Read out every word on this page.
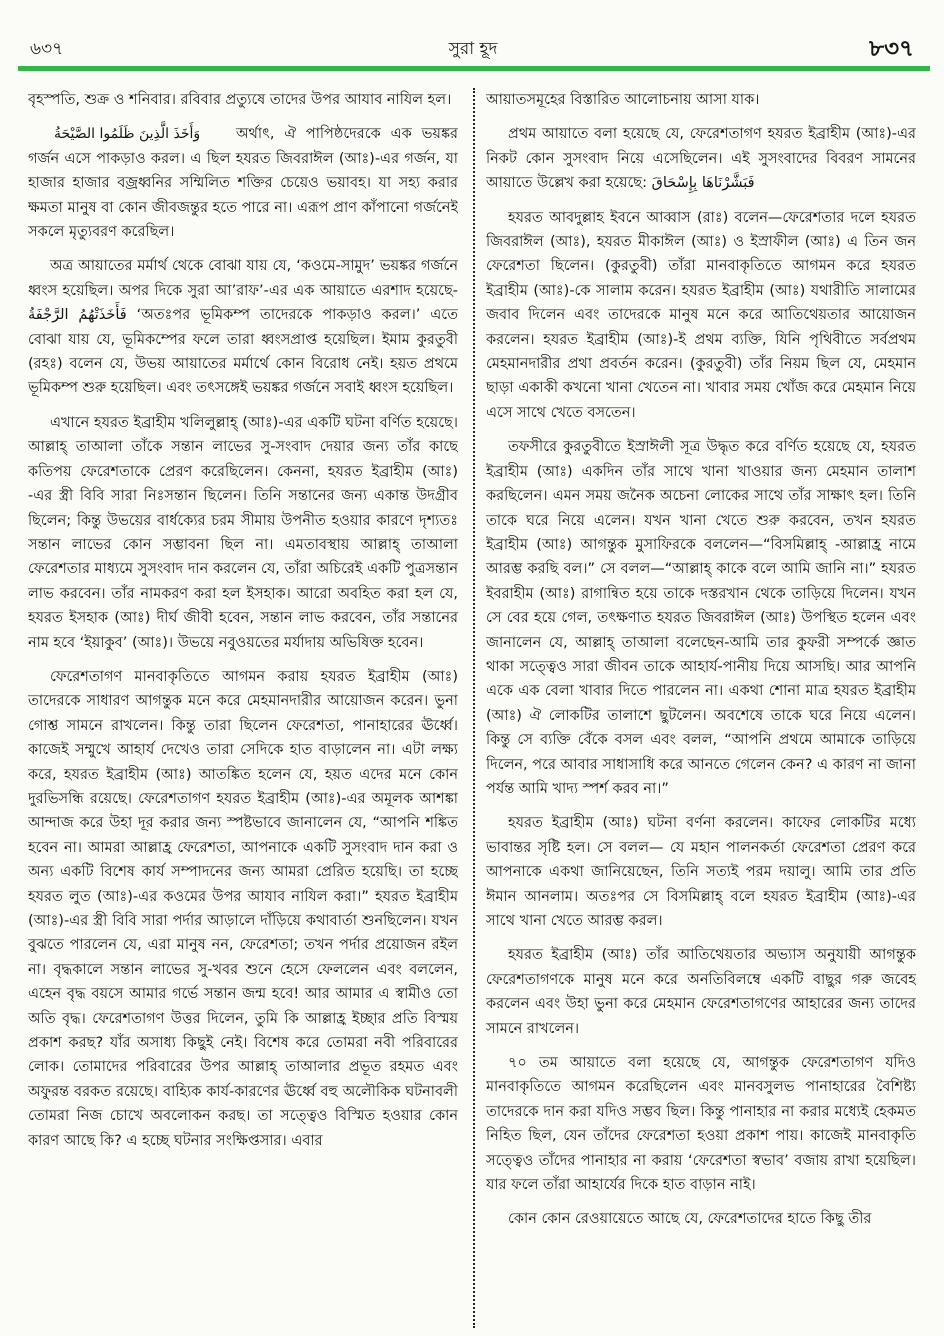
৬৩৭	সুরা হূদ	৮৩৭

বৃহস্পতি, শুক্র ও শনিবার। রবিবার প্রত্যুষে তাদের উপর আযাব নাযিল হল।

وَأَخَذَ الَّذِينَ ظَلَمُوا الصَّيْحَةُ অর্থাৎ, ঐ পাপিষ্ঠদেরকে এক ভয়ঙ্কর গর্জন এসে পাকড়াও করল। এ ছিল হযরত জিবরাঈল (আঃ)-এর গর্জন, যা হাজার হাজার বজ্রধ্বনির সম্মিলিত শক্তির চেয়েও ভয়াবহ। যা সহ্য করার ক্ষমতা মানুষ বা কোন জীবজন্তুর হতে পারে না। এরূপ প্রাণ কাঁপানো গর্জনেই সকলে মৃত্যুবরণ করেছিল।

অত্র আয়াতের মর্মার্থ থেকে বোঝা যায় যে, ‘কওমে-সামুদ’ ভয়ঙ্কর গর্জনে ধ্বংস হয়েছিল। অপর দিকে সুরা আ’রাফ’-এর এক আয়াতে এরশাদ হয়েছে- فَأَخَذَتْهُمُ الرَّجْفَةُ ‘অতঃপর ভূমিকম্প তাদেরকে পাকড়াও করল।’ এতে বোঝা যায় যে, ভূমিকম্পের ফলে তারা ধ্বংসপ্রাপ্ত হয়েছিল। ইমাম কুরতুবী (রহঃ) বলেন যে, উভয় আয়াতের মর্মার্থে কোন বিরোধ নেই। হয়ত প্রথমে ভূমিকম্প শুরু হয়েছিল। এবং তৎসঙ্গেই ভয়ঙ্কর গর্জনে সবাই ধ্বংস হয়েছিল।

এখানে হযরত ইব্রাহীম খলিলুল্লাহ্ (আঃ)-এর একটি ঘটনা বর্ণিত হয়েছে। আল্লাহ্ তাআলা তাঁকে সন্তান লাভের সু-সংবাদ দেয়ার জন্য তাঁর কাছে কতিপয় ফেরেশতাকে প্রেরণ করেছিলেন। কেননা, হযরত ইব্রাহীম (আঃ) -এর স্ত্রী বিবি সারা নিঃসন্তান ছিলেন। তিনি সন্তানের জন্য একান্ত উদগ্রীব ছিলেন; কিন্তু উভয়ের বার্ধক্যের চরম সীমায় উপনীত হওয়ার কারণে দৃশ্যতঃ সন্তান লাভের কোন সম্ভাবনা ছিল না। এমতাবস্থায় আল্লাহ্ তাআলা ফেরেশতার মাধ্যমে সুসংবাদ দান করলেন যে, তাঁরা অচিরেই একটি পুত্রসন্তান লাভ করবেন। তাঁর নামকরণ করা হল ইসহাক। আরো অবহিত করা হল যে, হযরত ইসহাক (আঃ) দীর্ঘ জীবী হবেন, সন্তান লাভ করবেন, তাঁর সন্তানের নাম হবে ‘ইয়াকুব’ (আঃ)। উভয়ে নবুওয়তের মর্যাদায় অভিষিক্ত হবেন।

ফেরেশতাগণ মানবাকৃতিতে আগমন করায় হযরত ইব্রাহীম (আঃ) তাদেরকে সাধারণ আগন্তুক মনে করে মেহমানদারীর আয়োজন করেন। ভুনা গোশ্ত সামনে রাখলেন। কিন্তু তারা ছিলেন ফেরেশতা, পানাহারের ঊর্ধ্বে। কাজেই সম্মুখে আহার্য দেখেও তারা সেদিকে হাত বাড়ালেন না। এটা লক্ষ্য করে, হযরত ইব্রাহীম (আঃ) আতঙ্কিত হলেন যে, হয়ত এদের মনে কোন দুরভিসন্ধি রয়েছে। ফেরেশতাগণ হযরত ইব্রাহীম (আঃ)-এর অমূলক আশঙ্কা আন্দাজ করে উহা দূর করার জন্য স্পষ্টভাবে জানালেন যে, “আপনি শঙ্কিত হবেন না। আমরা আল্লাহ্র ফেরেশতা, আপনাকে একটি সুসংবাদ দান করা ও অন্য একটি বিশেষ কার্য সম্পাদনের জন্য আমরা প্রেরিত হয়েছি। তা হচ্ছে হযরত লুত (আঃ)-এর কওমের উপর আযাব নাযিল করা।” হযরত ইব্রাহীম (আঃ)-এর স্ত্রী বিবি সারা পর্দার আড়ালে দাঁড়িয়ে কথাবার্তা শুনছিলেন। যখন বুঝতে পারলেন যে, এরা মানুষ নন, ফেরেশতা; তখন পর্দার প্রয়োজন রইল না। বৃদ্ধকালে সন্তান লাভের সু-খবর শুনে হেসে ফেললেন এবং বললেন, এহেন বৃদ্ধ বয়সে আমার গর্ভে সন্তান জন্ম হবে! আর আমার এ স্বামীও তো অতি বৃদ্ধ। ফেরেশতাগণ উত্তর দিলেন, তুমি কি আল্লাহ্র ইচ্ছার প্রতি বিস্ময় প্রকাশ করছ? যাঁর অসাধ্য কিছুই নেই। বিশেষ করে তোমরা নবী পরিবারের লোক। তোমাদের পরিবারের উপর আল্লাহ্ তাআলার প্রভূত রহমত এবং অফুরন্ত বরকত রয়েছে। বাহ্যিক কার্য-কারণের ঊর্ধ্বে বহু অলৌকিক ঘটনাবলী তোমরা নিজ চোখে অবলোকন করছ। তা সত্ত্বেও বিস্মিত হওয়ার কোন কারণ আছে কি? এ হচ্ছে ঘটনার সংক্ষিপ্তসার। এবার

আয়াতসমূহের বিস্তারিত আলোচনায় আসা যাক।

প্রথম আয়াতে বলা হয়েছে যে, ফেরেশতাগণ হযরত ইব্রাহীম (আঃ)-এর নিকট কোন সুসংবাদ নিয়ে এসেছিলেন। এই সুসংবাদের বিবরণ সামনের আয়াতে উল্লেখ করা হয়েছে: فَبَشَّرْنَاهَا بِإِسْحَاقَ

হযরত আবদুল্লাহ ইবনে আব্বাস (রাঃ) বলেন—ফেরেশতার দলে হযরত জিবরাঈল (আঃ), হযরত মীকাঈল (আঃ) ও ইস্রাফীল (আঃ) এ তিন জন ফেরেশতা ছিলেন। (কুরতুবী) তাঁরা মানবাকৃতিতে আগমন করে হযরত ইব্রাহীম (আঃ)-কে সালাম করেন। হযরত ইব্রাহীম (আঃ) যথারীতি সালামের জবাব দিলেন এবং তাদেরকে মানুষ মনে করে আতিথেয়তার আয়োজন করলেন। হযরত ইব্রাহীম (আঃ)-ই প্রথম ব্যক্তি, যিনি পৃথিবীতে সর্বপ্রথম মেহমানদারীর প্রথা প্রবর্তন করেন। (কুরতুবী) তাঁর নিয়ম ছিল যে, মেহমান ছাড়া একাকী কখনো খানা খেতেন না। খাবার সময় খোঁজ করে মেহমান নিয়ে এসে সাথে খেতে বসতেন।

তফসীরে কুরতুবীতে ইস্রাঈলী সূত্র উদ্ধৃত করে বর্ণিত হয়েছে যে, হযরত ইব্রাহীম (আঃ) একদিন তাঁর সাথে খানা খাওয়ার জন্য মেহমান তালাশ করছিলেন। এমন সময় জনৈক অচেনা লোকের সাথে তাঁর সাক্ষাৎ হল। তিনি তাকে ঘরে নিয়ে এলেন। যখন খানা খেতে শুরু করবেন, তখন হযরত ইব্রাহীম (আঃ) আগন্তুক মুসাফিরকে বললেন—“বিসমিল্লাহ্ -আল্লাহ্র নামে আরম্ভ করছি বল।” সে বলল—“আল্লাহ্ কাকে বলে আমি জানি না।” হযরত ইবরাহীম (আঃ) রাগান্বিত হয়ে তাকে দস্তরখান থেকে তাড়িয়ে দিলেন। যখন সে বের হয়ে গেল, তৎক্ষণাত হযরত জিবরাঈল (আঃ) উপস্থিত হলেন এবং জানালেন যে, আল্লাহ্ তাআলা বলেছেন-আমি তার কুফরী সম্পর্কে জ্ঞাত থাকা সত্ত্বেও সারা জীবন তাকে আহার্য-পানীয় দিয়ে আসছি। আর আপনি একে এক বেলা খাবার দিতে পারলেন না। একথা শোনা মাত্র হযরত ইব্রাহীম (আঃ) ঐ লোকটির তালাশে ছুটলেন। অবশেষে তাকে ঘরে নিয়ে এলেন। কিন্তু সে ব্যক্তি বেঁকে বসল এবং বলল, “আপনি প্রথমে আমাকে তাড়িয়ে দিলেন, পরে আবার সাধাসাধি করে আনতে গেলেন কেন? এ কারণ না জানা পর্যন্ত আমি খাদ্য স্পর্শ করব না।”

হযরত ইব্রাহীম (আঃ) ঘটনা বর্ণনা করলেন। কাফের লোকটির মধ্যে ভাবান্তর সৃষ্টি হল। সে বলল— যে মহান পালনকর্তা ফেরেশতা প্রেরণ করে আপনাকে একথা জানিয়েছেন, তিনি সত্যই পরম দয়ালু। আমি তার প্রতি ঈমান আনলাম। অতঃপর সে বিসমিল্লাহ্ বলে হযরত ইব্রাহীম (আঃ)-এর সাথে খানা খেতে আরম্ভ করল।

হযরত ইব্রাহীম (আঃ) তাঁর আতিথেয়তার অভ্যাস অনুযায়ী আগন্তুক ফেরেশতাগণকে মানুষ মনে করে অনতিবিলম্বে একটি বাছুর গরু জবেহ করলেন এবং উহা ভুনা করে মেহমান ফেরেশতাগণের আহারের জন্য তাদের সামনে রাখলেন।

৭০ তম আয়াতে বলা হয়েছে যে, আগন্তুক ফেরেশতাগণ যদিও মানবাকৃতিতে আগমন করেছিলেন এবং মানবসুলভ পানাহারের বৈশিষ্ট্য তাদেরকে দান করা যদিও সম্ভব ছিল। কিন্তু পানাহার না করার মধ্যেই হেকমত নিহিত ছিল, যেন তাঁদের ফেরেশতা হওয়া প্রকাশ পায়। কাজেই মানবাকৃতি সত্ত্বেও তাঁদের পানাহার না করায় ‘ফেরেশতা স্বভাব’ বজায় রাখা হয়েছিল। যার ফলে তাঁরা আহার্যের দিকে হাত বাড়ান নাই।

কোন কোন রেওয়ায়েতে আছে যে, ফেরেশতাদের হাতে কিছু তীর
